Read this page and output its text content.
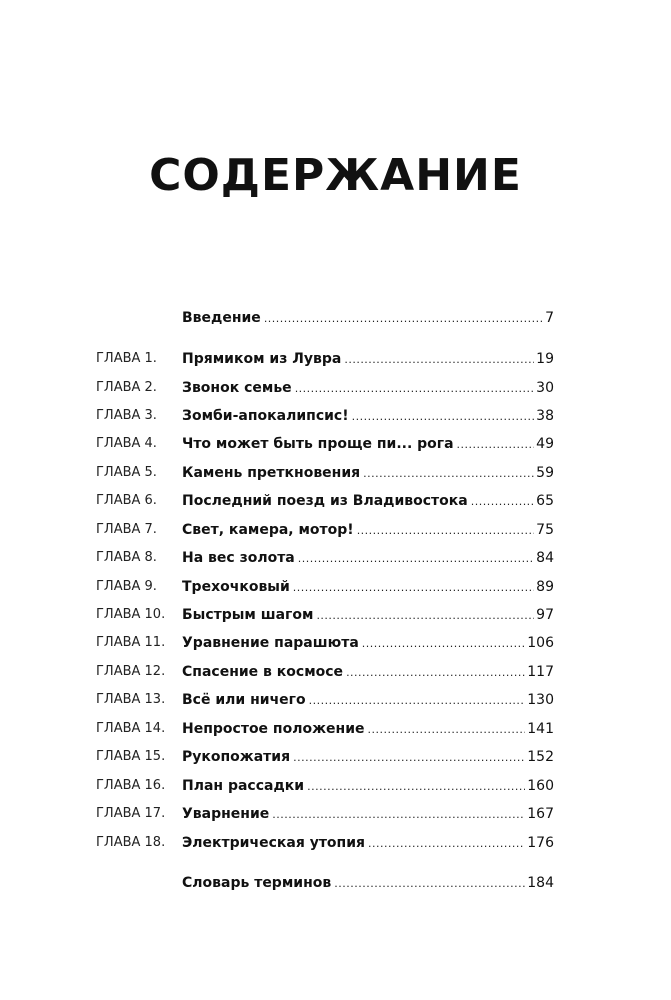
СОДЕРЖАНИЕ
Введение .....	7
ГЛАВА 1. Прямиком из Лувра .....	19
ГЛАВА 2. Звонок семье .....	30
ГЛАВА 3. Зомби-апокалипсис! .....	38
ГЛАВА 4. Что может быть проще пи... рога .....	49
ГЛАВА 5. Камень преткновения .....	59
ГЛАВА 6. Последний поезд из Владивостока .....	65
ГЛАВА 7. Свет, камера, мотор! .....	75
ГЛАВА 8. На вес золота .....	84
ГЛАВА 9. Трехочковый .....	89
ГЛАВА 10. Быстрым шагом .....	97
ГЛАВА 11. Уравнение парашюта .....	106
ГЛАВА 12. Спасение в космосе .....	117
ГЛАВА 13. Всё или ничего .....	130
ГЛАВА 14. Непростое положение .....	141
ГЛАВА 15. Рукопожатия .....	152
ГЛАВА 16. План рассадки .....	160
ГЛАВА 17. Уварнение .....	167
ГЛАВА 18. Электрическая утопия .....	176
Словарь терминов .....	184
